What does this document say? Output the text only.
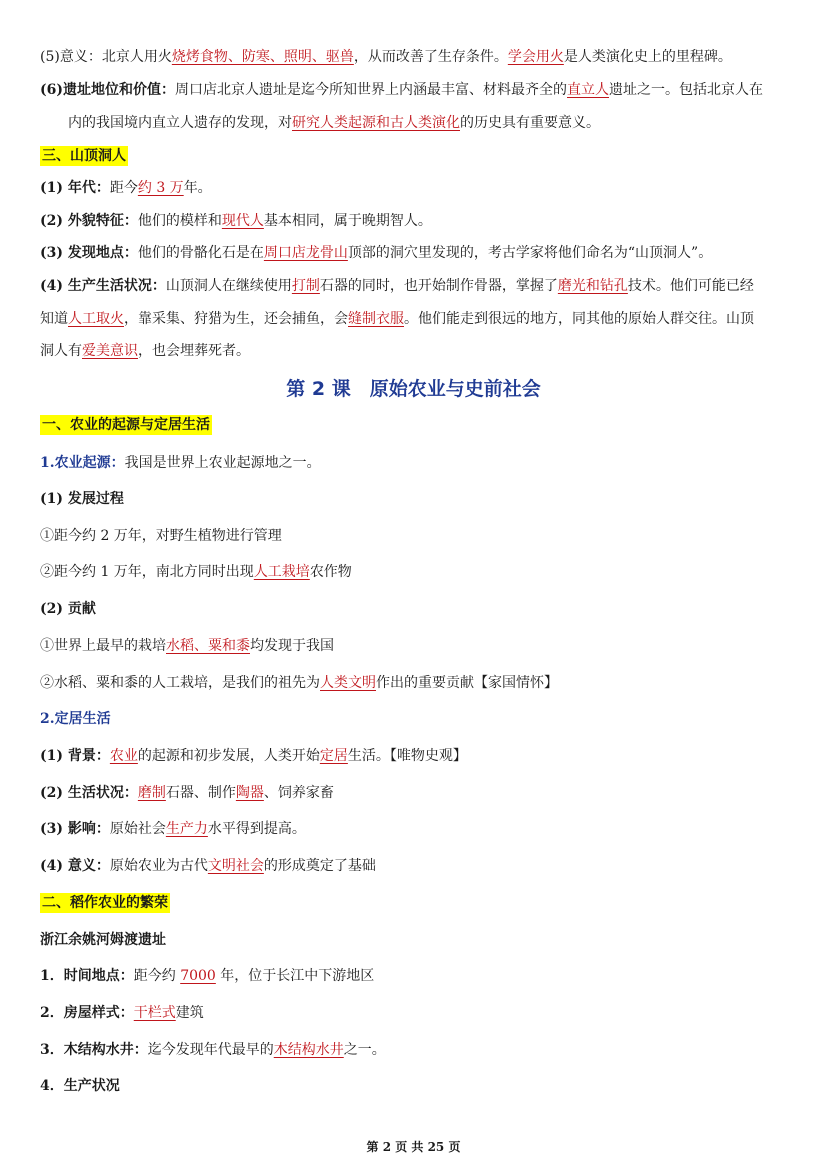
(5)意义：北京人用火烧烤食物、防寒、照明、驱兽，从而改善了生存条件。学会用火是人类演化史上的里程碑。
(6)遗址地位和价值：周口店北京人遗址是迄今所知世界上内涵最丰富、材料最齐全的直立人遗址之一。包括北京人在
内的我国境内直立人遗存的发现，对研究人类起源和古人类演化的历史具有重要意义。
三、山顶洞人
(1) 年代：距今约 3 万年。
(2) 外貌特征：他们的模样和现代人基本相同，属于晚期智人。
(3) 发现地点：他们的骨骼化石是在周口店龙骨山顶部的洞穴里发现的，考古学家将他们命名为“山顶洞人”。
(4) 生产生活状况：山顶洞人在继续使用打制石器的同时，也开始制作骨器，掌握了磨光和钻孔技术。他们可能已经
知道人工取火，靠采集、狩猎为生，还会捕鱼，会缝制衣服。他们能走到很远的地方，同其他的原始人群交往。山顶
洞人有爱美意识，也会埋葬死者。
第 2 课　原始农业与史前社会
一、农业的起源与定居生活
1.农业起源：我国是世界上农业起源地之一。
(1) 发展过程
①距今约 2 万年，对野生植物进行管理
②距今约 1 万年，南北方同时出现人工栽培农作物
(2) 贡献
①世界上最早的栽培水稻、粟和黍均发现于我国
②水稻、粟和黍的人工栽培，是我们的祖先为人类文明作出的重要贡献【家国情怀】
2.定居生活
(1) 背景：农业的起源和初步发展，人类开始定居生活。【唯物史观】
(2) 生活状况：磨制石器、制作陶器、饲养家畜
(3) 影响：原始社会生产力水平得到提高。
(4) 意义：原始农业为古代文明社会的形成奠定了基础
二、稻作农业的繁荣
浙江余姚河姆渡遗址
1．时间地点：距今约 7000 年，位于长江中下游地区
2．房屋样式：干栏式建筑
3．木结构水井：迄今发现年代最早的木结构水井之一。
4．生产状况
第 2 页 共 25 页
